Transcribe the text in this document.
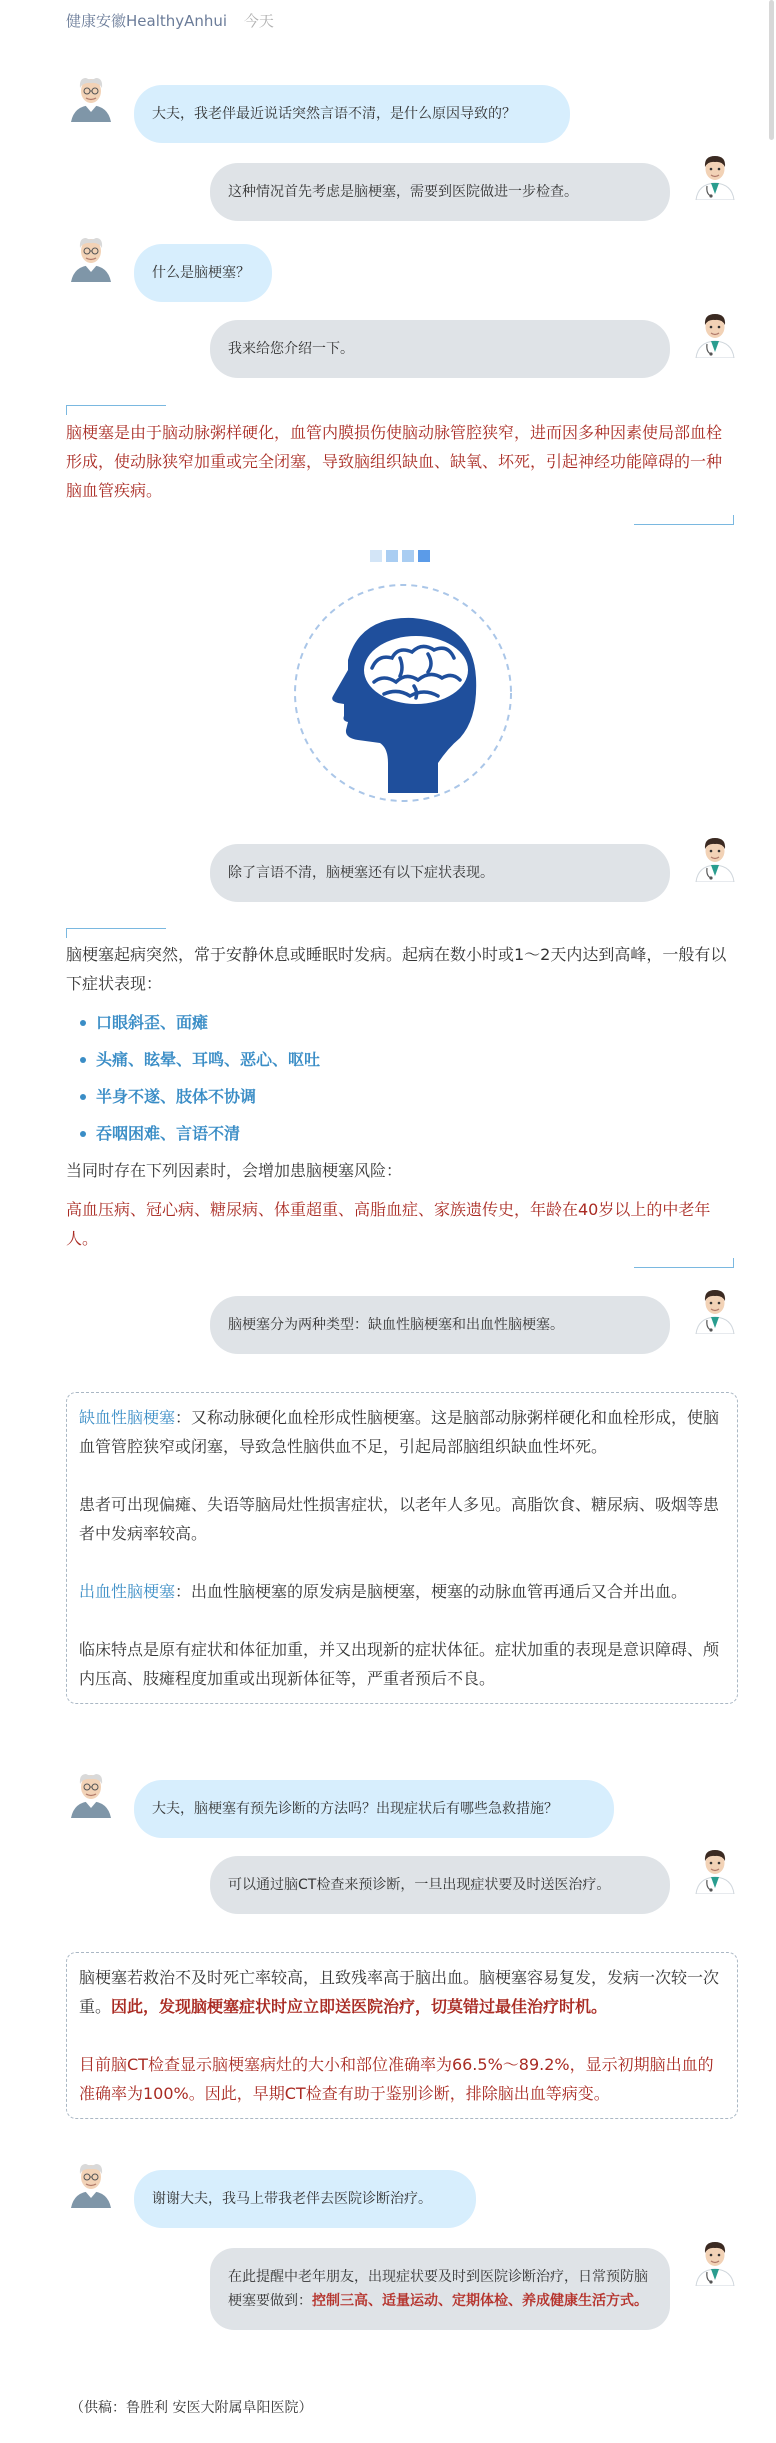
健康安徽HealthyAnhui 今天
大夫，我老伴最近说话突然言语不清，是什么原因导致的？
这种情况首先考虑是脑梗塞，需要到医院做进一步检查。
什么是脑梗塞？
我来给您介绍一下。
脑梗塞是由于脑动脉粥样硬化，血管内膜损伤使脑动脉管腔狭窄，进而因多种因素使局部血栓形成，使动脉狭窄加重或完全闭塞，导致脑组织缺血、缺氧、坏死，引起神经功能障碍的一种脑血管疾病。
除了言语不清，脑梗塞还有以下症状表现。

脑梗塞起病突然，常于安静休息或睡眠时发病。起病在数小时或1～2天内达到高峰，一般有以下症状表现：

口眼斜歪、面瘫
头痛、眩晕、耳鸣、恶心、呕吐
半身不遂、肢体不协调
吞咽困难、言语不清

当同时存在下列因素时，会增加患脑梗塞风险：

高血压病、冠心病、糖尿病、体重超重、高脂血症、家族遗传史，年龄在40岁以上的中老年人。

脑梗塞分为两种类型：缺血性脑梗塞和出血性脑梗塞。

缺血性脑梗塞：又称动脉硬化血栓形成性脑梗塞。这是脑部动脉粥样硬化和血栓形成，使脑血管管腔狭窄或闭塞，导致急性脑供血不足，引起局部脑组织缺血性坏死。

患者可出现偏瘫、失语等脑局灶性损害症状，以老年人多见。高脂饮食、糖尿病、吸烟等患者中发病率较高。

出血性脑梗塞：出血性脑梗塞的原发病是脑梗塞，梗塞的动脉血管再通后又合并出血。

临床特点是原有症状和体征加重，并又出现新的症状体征。症状加重的表现是意识障碍、颅内压高、肢瘫程度加重或出现新体征等，严重者预后不良。

大夫，脑梗塞有预先诊断的方法吗？出现症状后有哪些急救措施？
可以通过脑CT检查来预诊断，一旦出现症状要及时送医治疗。

脑梗塞若救治不及时死亡率较高，且致残率高于脑出血。脑梗塞容易复发，发病一次较一次重。因此，发现脑梗塞症状时应立即送医院治疗，切莫错过最佳治疗时机。

目前脑CT检查显示脑梗塞病灶的大小和部位准确率为66.5%～89.2%，显示初期脑出血的准确率为100%。因此，早期CT检查有助于鉴别诊断，排除脑出血等病变。

谢谢大夫，我马上带我老伴去医院诊断治疗。
在此提醒中老年朋友，出现症状要及时到医院诊断治疗，日常预防脑梗塞要做到：控制三高、适量运动、定期体检、养成健康生活方式。
（供稿：鲁胜利 安医大附属阜阳医院）
